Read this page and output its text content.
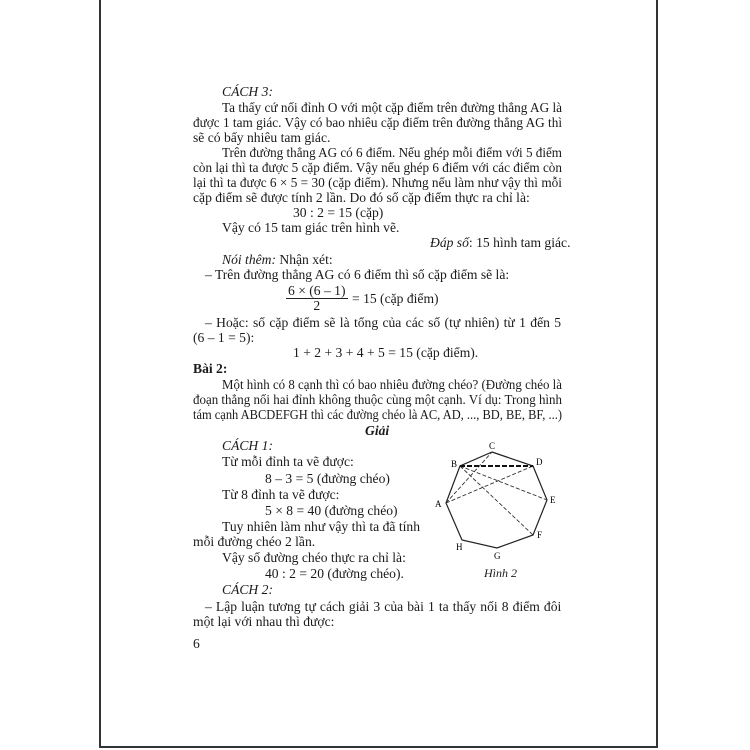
CÁCH 3:
Ta thấy cứ nối đỉnh O với một cặp điểm trên đường thẳng AG là
được 1 tam giác. Vậy có bao nhiêu cặp điểm trên đường thẳng AG thì
sẽ có bấy nhiêu tam giác.
Trên đường thẳng AG có 6 điểm. Nếu ghép mỗi điểm với 5 điểm
còn lại thì ta được 5 cặp điểm. Vậy nếu ghép 6 điểm với các điểm còn
lại thì ta được 6 × 5 = 30 (cặp điểm). Nhưng nếu làm như vậy thì mỗi
cặp điểm sẽ được tính 2 lần. Do đó số cặp điểm thực ra chỉ là:
30 : 2 = 15 (cặp)
Vậy có 15 tam giác trên hình vẽ.
Đáp số: 15 hình tam giác.
Nói thêm: Nhận xét:
– Trên đường thẳng AG có 6 điểm thì số cặp điểm sẽ là:
$\frac{6 \times (6 - 1)}{2} = 15$ (cặp điểm)
– Hoặc: số cặp điểm sẽ là tổng của các số (tự nhiên) từ 1 đến 5
(6 – 1 = 5):
1 + 2 + 3 + 4 + 5 = 15 (cặp điểm).
Bài 2:
Một hình có 8 cạnh thì có bao nhiêu đường chéo? (Đường chéo là
đoạn thẳng nối hai đỉnh không thuộc cùng một cạnh. Ví dụ: Trong hình
tám cạnh ABCDEFGH thì các đường chéo là AC, AD, ..., BD, BE, BF, ...)
Giải
CÁCH 1:
Từ mỗi đỉnh ta vẽ được:
8 – 3 = 5 (đường chéo)
Từ 8 đỉnh ta vẽ được:
5 × 8 = 40 (đường chéo)
Tuy nhiên làm như vậy thì ta đã tính
mỗi đường chéo 2 lần.
Vậy số đường chéo thực ra chỉ là:
40 : 2 = 20 (đường chéo).
CÁCH 2:
– Lập luận tương tự cách giải 3 của bài 1 ta thấy nối 8 điểm đôi
một lại với nhau thì được:
6
C
D
E
F
G
H
A
B
Hình 2
